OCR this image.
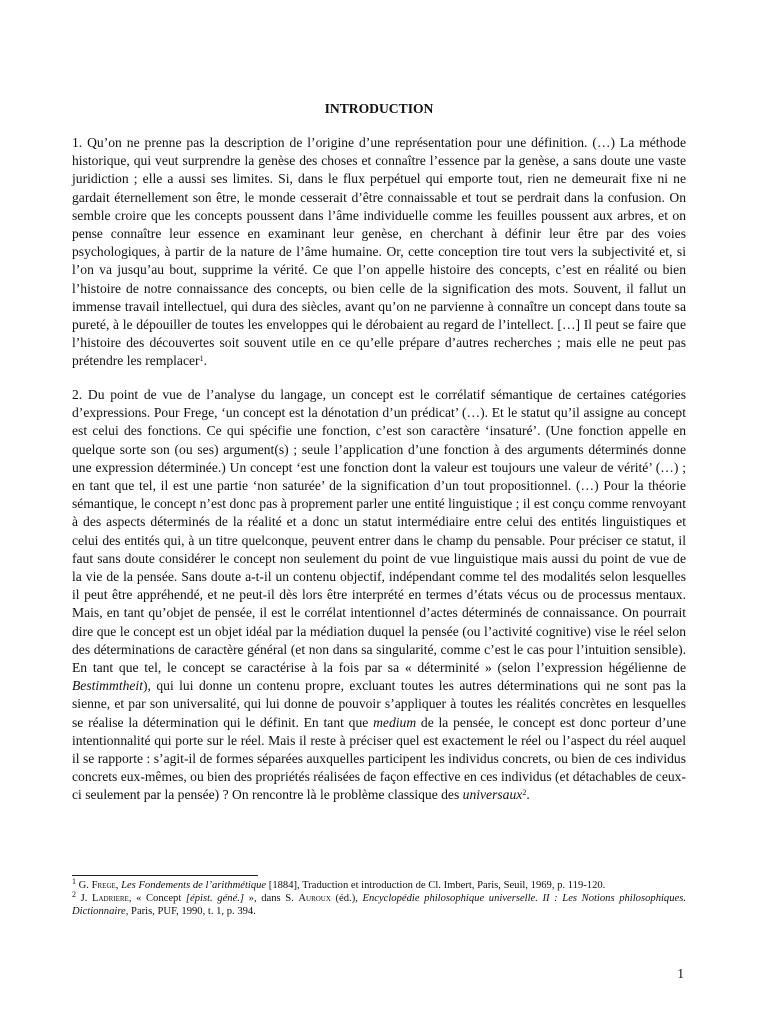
INTRODUCTION

1. Qu’on ne prenne pas la description de l’origine d’une représentation pour une définition. (…) La méthode historique, qui veut surprendre la genèse des choses et connaître l’essence par la genèse, a sans doute une vaste juridiction ; elle a aussi ses limites. Si, dans le flux perpétuel qui emporte tout, rien ne demeurait fixe ni ne gardait éternellement son être, le monde cesserait d’être connaissable et tout se perdrait dans la confusion. On semble croire que les concepts poussent dans l’âme individuelle comme les feuilles poussent aux arbres, et on pense connaître leur essence en examinant leur genèse, en cherchant à définir leur être par des voies psychologiques, à partir de la nature de l’âme humaine. Or, cette conception tire tout vers la subjectivité et, si l’on va jusqu’au bout, supprime la vérité. Ce que l’on appelle histoire des concepts, c’est en réalité ou bien l’histoire de notre connaissance des concepts, ou bien celle de la signification des mots. Souvent, il fallut un immense travail intellectuel, qui dura des siècles, avant qu’on ne parvienne à connaître un concept dans toute sa pureté, à le dépouiller de toutes les enveloppes qui le dérobaient au regard de l’intellect. […] Il peut se faire que l’histoire des découvertes soit souvent utile en ce qu’elle prépare d’autres recherches ; mais elle ne peut pas prétendre les remplacer$^1$.

2. Du point de vue de l’analyse du langage, un concept est le corrélatif sémantique de certaines catégories d’expressions. Pour Frege, ‘un concept est la dénotation d’un prédicat’ (…). Et le statut qu’il assigne au concept est celui des fonctions. Ce qui spécifie une fonction, c’est son caractère ‘insaturé’. (Une fonction appelle en quelque sorte son (ou ses) argument(s) ; seule l’application d’une fonction à des arguments déterminés donne une expression déterminée.) Un concept ‘est une fonction dont la valeur est toujours une valeur de vérité’ (…) ; en tant que tel, il est une partie ‘non saturée’ de la signification d’un tout propositionnel. (…) Pour la théorie sémantique, le concept n’est donc pas à proprement parler une entité linguistique ; il est conçu comme renvoyant à des aspects déterminés de la réalité et a donc un statut intermédiaire entre celui des entités linguistiques et celui des entités qui, à un titre quelconque, peuvent entrer dans le champ du pensable. Pour préciser ce statut, il faut sans doute considérer le concept non seulement du point de vue linguistique mais aussi du point de vue de la vie de la pensée. Sans doute a-t-il un contenu objectif, indépendant comme tel des modalités selon lesquelles il peut être appréhendé, et ne peut-il dès lors être interprété en termes d’états vécus ou de processus mentaux. Mais, en tant qu’objet de pensée, il est le corrélat intentionnel d’actes déterminés de connaissance. On pourrait dire que le concept est un objet idéal par la médiation duquel la pensée (ou l’activité cognitive) vise le réel selon des déterminations de caractère général (et non dans sa singularité, comme c’est le cas pour l’intuition sensible). En tant que tel, le concept se caractérise à la fois par sa « déterminité » (selon l’expression hégélienne de Bestimmtheit), qui lui donne un contenu propre, excluant toutes les autres déterminations qui ne sont pas la sienne, et par son universalité, qui lui donne de pouvoir s’appliquer à toutes les réalités concrètes en lesquelles se réalise la détermination qui le définit. En tant que medium de la pensée, le concept est donc porteur d’une intentionnalité qui porte sur le réel. Mais il reste à préciser quel est exactement le réel ou l’aspect du réel auquel il se rapporte : s’agit-il de formes séparées auxquelles participent les individus concrets, ou bien de ces individus concrets eux-mêmes, ou bien des propriétés réalisées de façon effective en ces individus (et détachables de ceux-ci seulement par la pensée) ? On rencontre là le problème classique des universaux$^2$.

$^1$ G. Frege, Les Fondements de l’arithmétique [1884], Traduction et introduction de Cl. Imbert, Paris, Seuil, 1969, p. 119-120.

$^2$ J. Ladriere, « Concept [épist. géné.] », dans S. Auroux (éd.), Encyclopédie philosophique universelle. II : Les Notions philosophiques. Dictionnaire, Paris, PUF, 1990, t. 1, p. 394.

1
